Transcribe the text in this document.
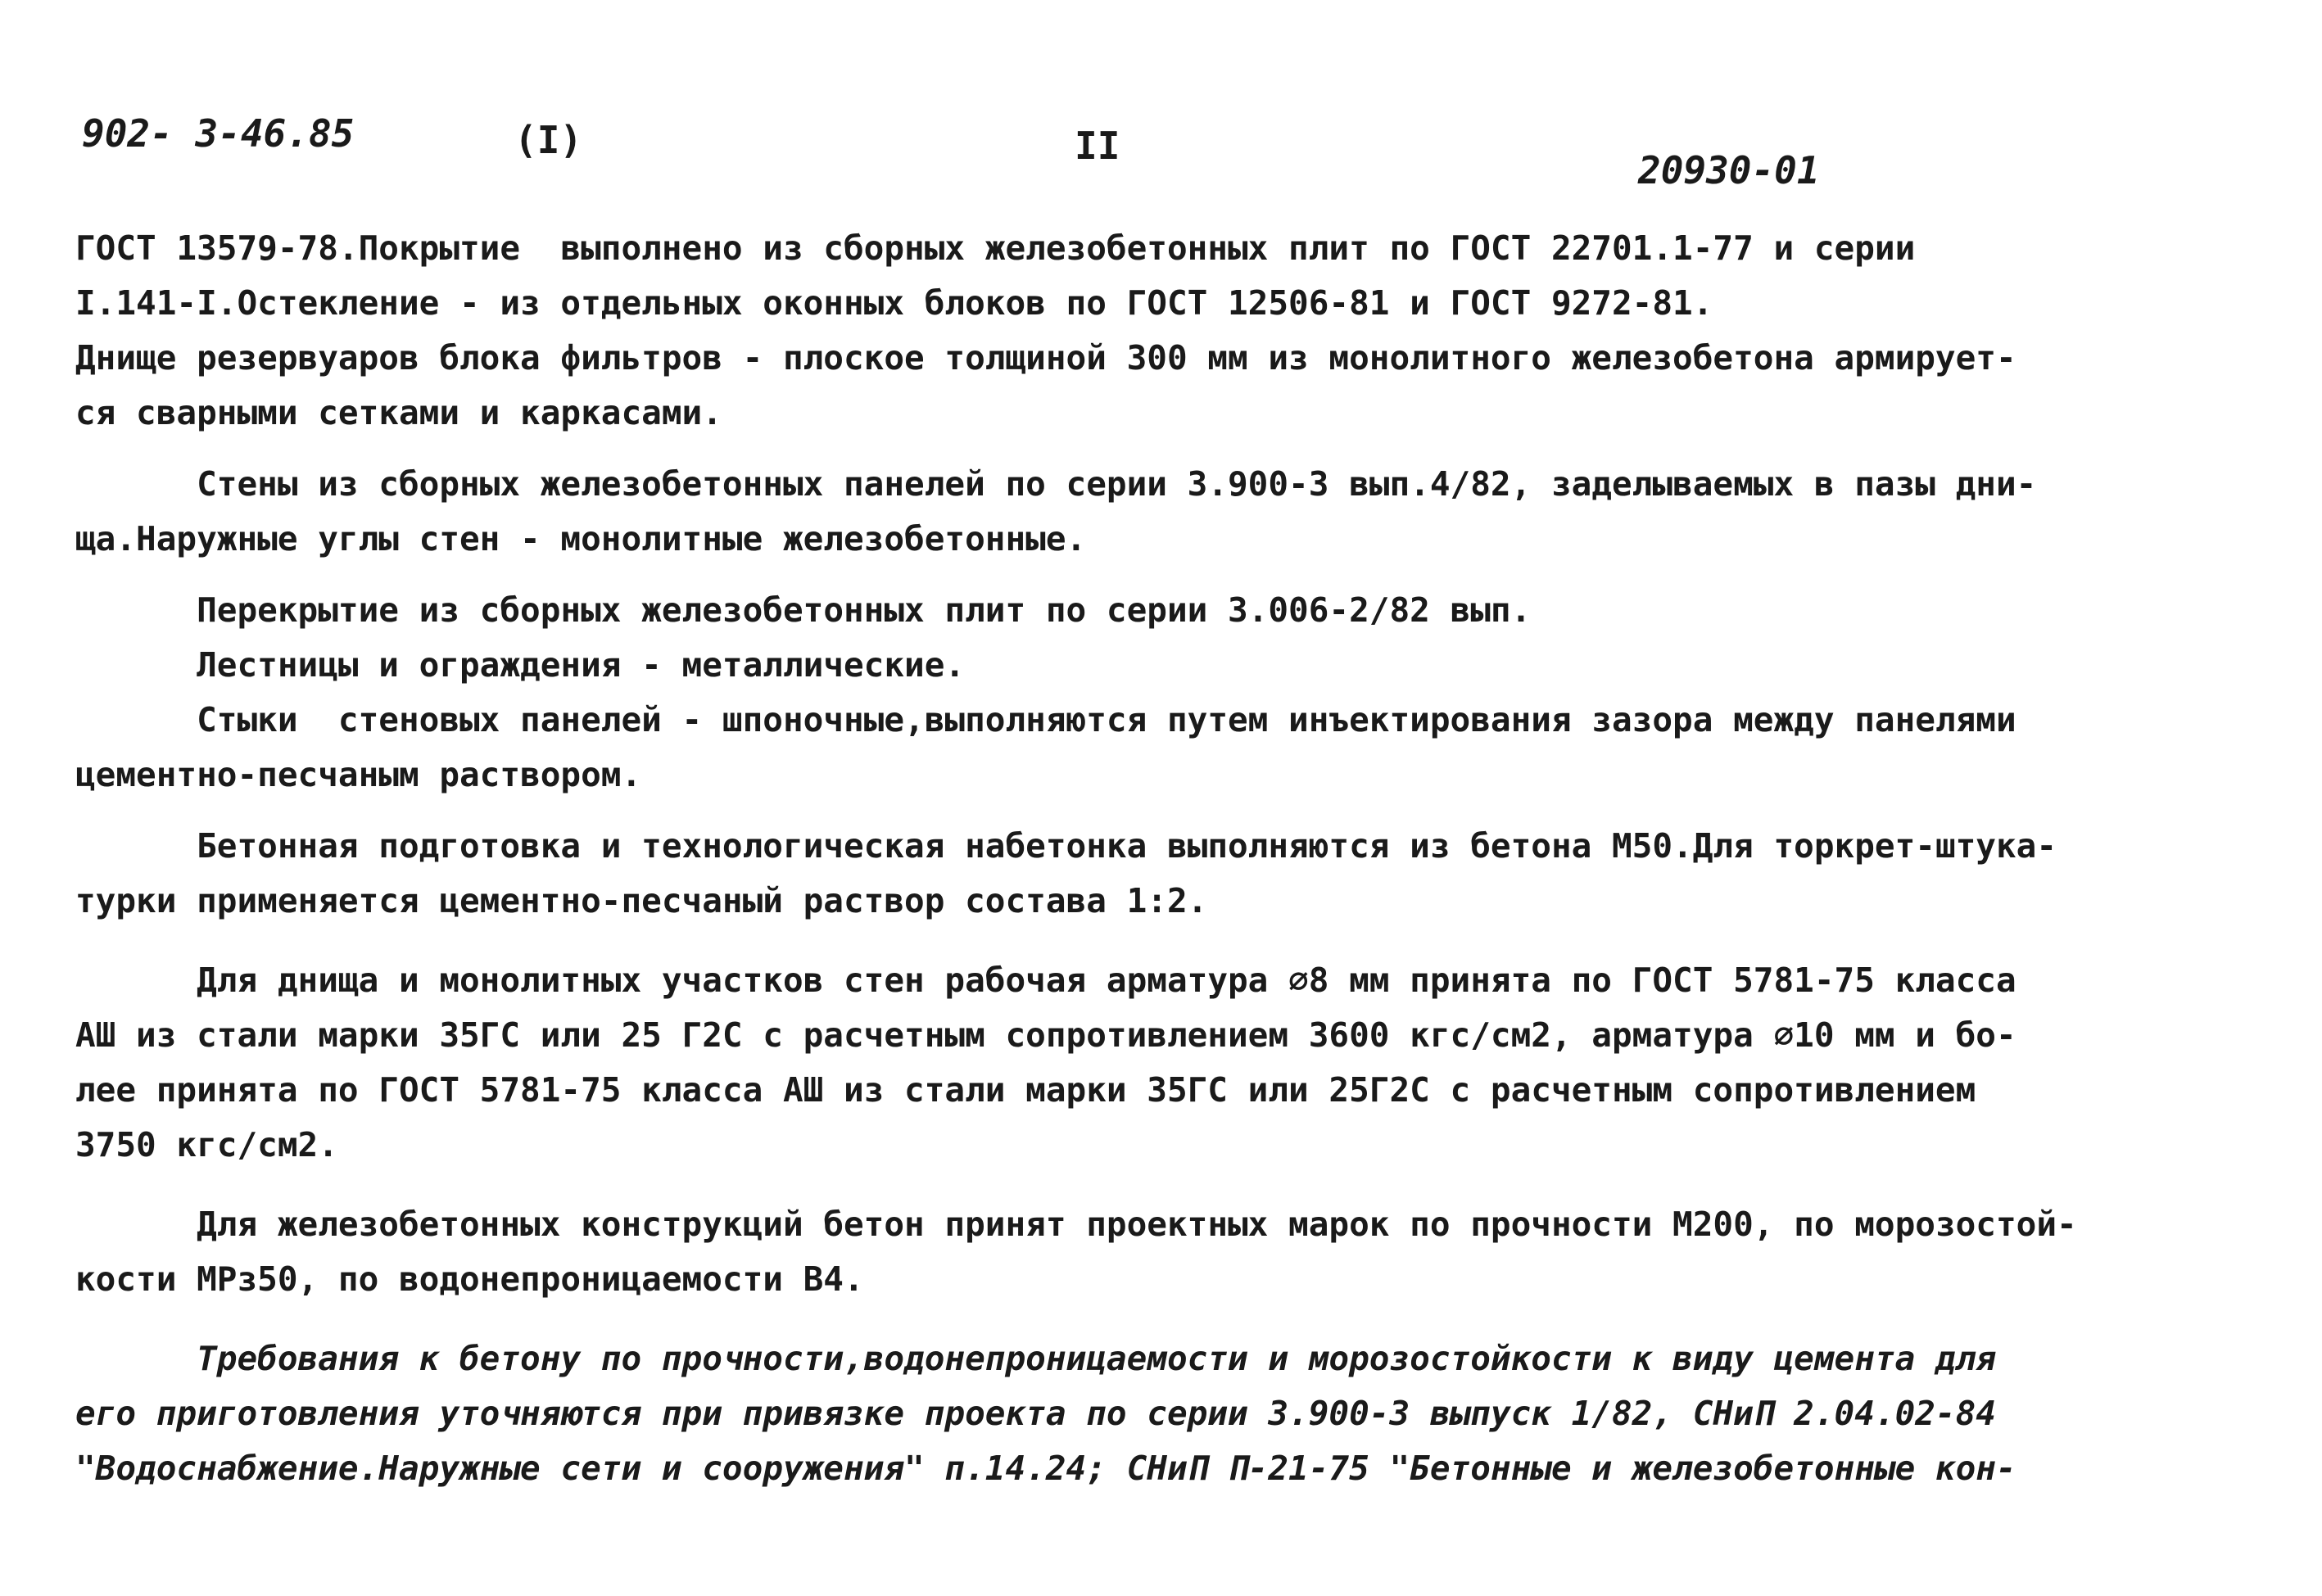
902- 3-46.85	(I)	II
20930-01

ГОСТ 13579-78.Покрытие  выполнено из сборных железобетонных плит по ГОСТ 22701.1-77 и серии
I.141-I.Остекление - из отдельных оконных блоков по ГОСТ 12506-81 и ГОСТ 9272-81.

Днище резервуаров блока фильтров - плоское толщиной 300 мм из монолитного железобетона армирует-
ся сварными сетками и каркасами.

Стены из сборных железобетонных панелей по серии 3.900-3 вып.4/82, заделываемых в пазы дни-
ща.Наружные углы стен - монолитные железобетонные.

Перекрытие из сборных железобетонных плит по серии 3.006-2/82 вып.

Лестницы и ограждения - металлические.

Стыки  стеновых панелей - шпоночные,выполняются путем инъектирования зазора между панелями
цементно-песчаным раствором.

Бетонная подготовка и технологическая набетонка выполняются из бетона М50.Для торкрет-штука-
турки применяется цементно-песчаный раствор состава 1:2.

Для днища и монолитных участков стен рабочая арматура ∅8 мм принята по ГОСТ 5781-75 класса
АШ из стали марки 35ГС или 25 Г2С с расчетным сопротивлением 3600 кгс/см2, арматура ∅10 мм и бо-
лее принята по ГОСТ 5781-75 класса АШ из стали марки 35ГС или 25Г2С с расчетным сопротивлением
3750 кгс/см2.

Для железобетонных конструкций бетон принят проектных марок по прочности М200, по морозостой-
кости МРз50, по водонепроницаемости В4.

Требования к бетону по прочности,водонепроницаемости и морозостойкости к виду цемента для
его приготовления уточняются при привязке проекта по серии 3.900-3 выпуск 1/82, СНиП 2.04.02-84
"Водоснабжение.Наружные сети и сооружения" п.14.24; СНиП П-21-75 "Бетонные и железобетонные кон-
